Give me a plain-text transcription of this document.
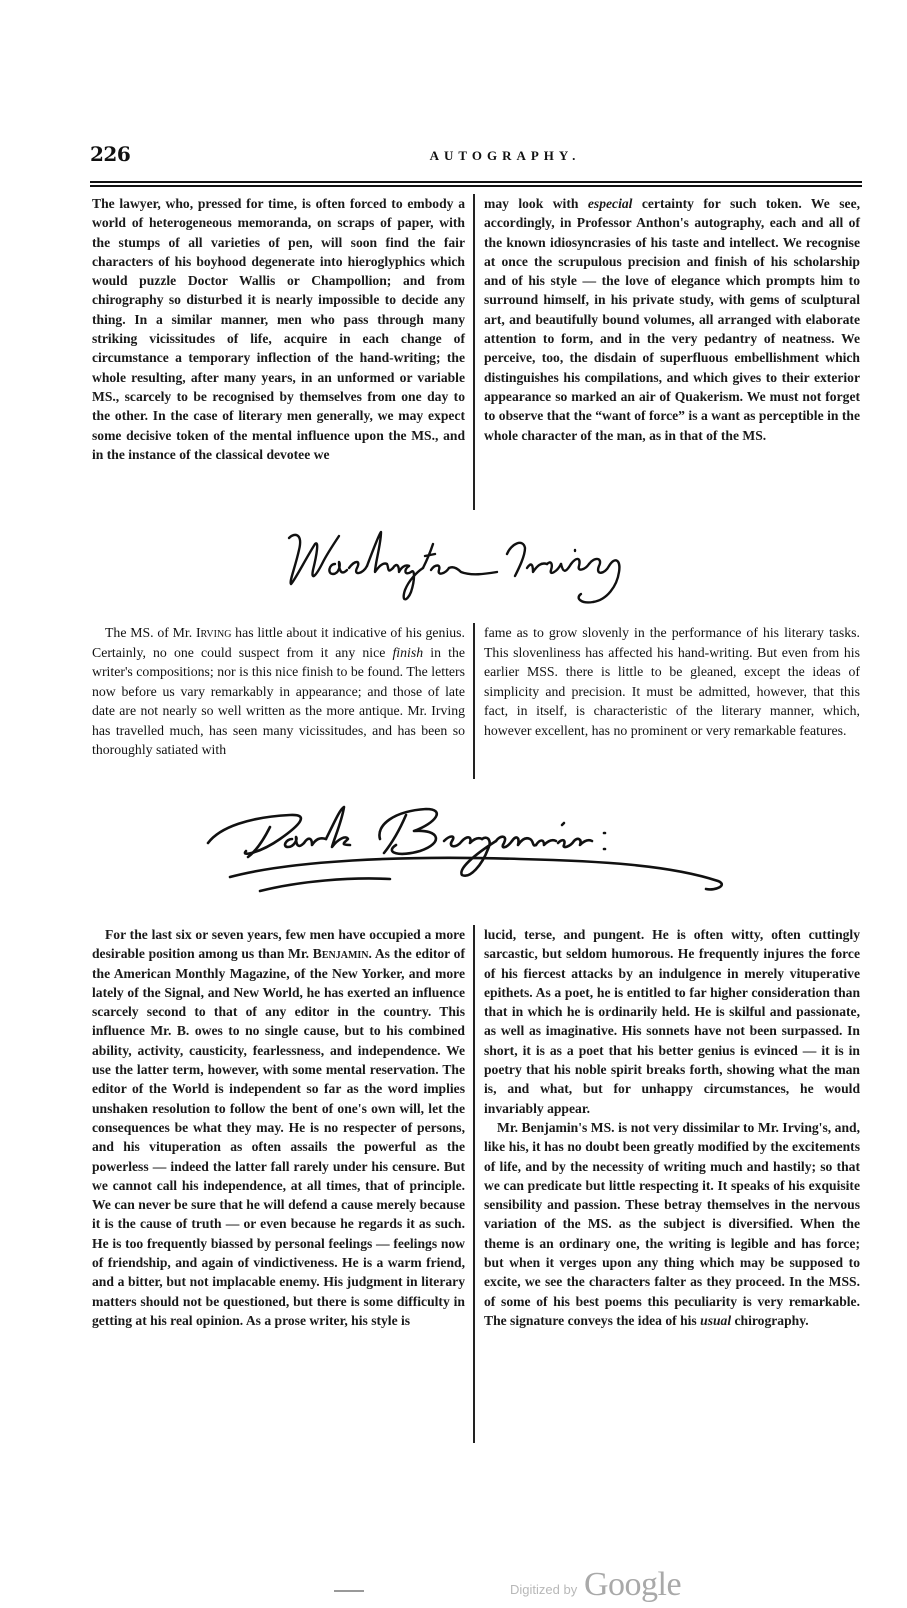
226	AUTOGRAPHY.

The lawyer, who, pressed for time, is often forced to embody a world of heterogeneous memoranda, on scraps of paper, with the stumps of all varieties of pen, will soon find the fair characters of his boyhood degenerate into hieroglyphics which would puzzle Doctor Wallis or Champollion; and from chirography so disturbed it is nearly impossible to decide any thing. In a similar manner, men who pass through many striking vicissitudes of life, acquire in each change of circumstance a temporary inflection of the hand-writing; the whole resulting, after many years, in an unformed or variable MS., scarcely to be recognised by themselves from one day to the other. In the case of literary men generally, we may expect some decisive token of the mental influence upon the MS., and in the instance of the classical devotee we

may look with especial certainty for such token. We see, accordingly, in Professor Anthon's autography, each and all of the known idiosyncrasies of his taste and intellect. We recognise at once the scrupulous precision and finish of his scholarship and of his style — the love of elegance which prompts him to surround himself, in his private study, with gems of sculptural art, and beautifully bound volumes, all arranged with elaborate attention to form, and in the very pedantry of neatness. We perceive, too, the disdain of superfluous embellishment which distinguishes his compilations, and which gives to their exterior appearance so marked an air of Quakerism. We must not forget to observe that the “want of force” is a want as perceptible in the whole character of the man, as in that of the MS.

The MS. of Mr. Irving has little about it indicative of his genius. Certainly, no one could suspect from it any nice finish in the writer's compositions; nor is this nice finish to be found. The letters now before us vary remarkably in appearance; and those of late date are not nearly so well written as the more antique. Mr. Irving has travelled much, has seen many vicissitudes, and has been so thoroughly satiated with

fame as to grow slovenly in the performance of his literary tasks. This slovenliness has affected his hand-writing. But even from his earlier MSS. there is little to be gleaned, except the ideas of simplicity and precision. It must be admitted, however, that this fact, in itself, is characteristic of the literary manner, which, however excellent, has no prominent or very remarkable features.

For the last six or seven years, few men have occupied a more desirable position among us than Mr. Benjamin. As the editor of the American Monthly Magazine, of the New Yorker, and more lately of the Signal, and New World, he has exerted an influence scarcely second to that of any editor in the country. This influence Mr. B. owes to no single cause, but to his combined ability, activity, causticity, fearlessness, and independence. We use the latter term, however, with some mental reservation. The editor of the World is independent so far as the word implies unshaken resolution to follow the bent of one's own will, let the consequences be what they may. He is no respecter of persons, and his vituperation as often assails the powerful as the powerless — indeed the latter fall rarely under his censure. But we cannot call his independence, at all times, that of principle. We can never be sure that he will defend a cause merely because it is the cause of truth — or even because he regards it as such. He is too frequently biassed by personal feelings — feelings now of friendship, and again of vindictiveness. He is a warm friend, and a bitter, but not implacable enemy. His judgment in literary matters should not be questioned, but there is some difficulty in getting at his real opinion. As a prose writer, his style is

lucid, terse, and pungent. He is often witty, often cuttingly sarcastic, but seldom humorous. He frequently injures the force of his fiercest attacks by an indulgence in merely vituperative epithets. As a poet, he is entitled to far higher consideration than that in which he is ordinarily held. He is skilful and passionate, as well as imaginative. His sonnets have not been surpassed. In short, it is as a poet that his better genius is evinced — it is in poetry that his noble spirit breaks forth, showing what the man is, and what, but for unhappy circumstances, he would invariably appear.

Mr. Benjamin's MS. is not very dissimilar to Mr. Irving's, and, like his, it has no doubt been greatly modified by the excitements of life, and by the necessity of writing much and hastily; so that we can predicate but little respecting it. It speaks of his exquisite sensibility and passion. These betray themselves in the nervous variation of the MS. as the subject is diversified. When the theme is an ordinary one, the writing is legible and has force; but when it verges upon any thing which may be supposed to excite, we see the characters falter as they proceed. In the MSS. of some of his best poems this peculiarity is very remarkable. The signature conveys the idea of his usual chirography.

Digitized by Google
